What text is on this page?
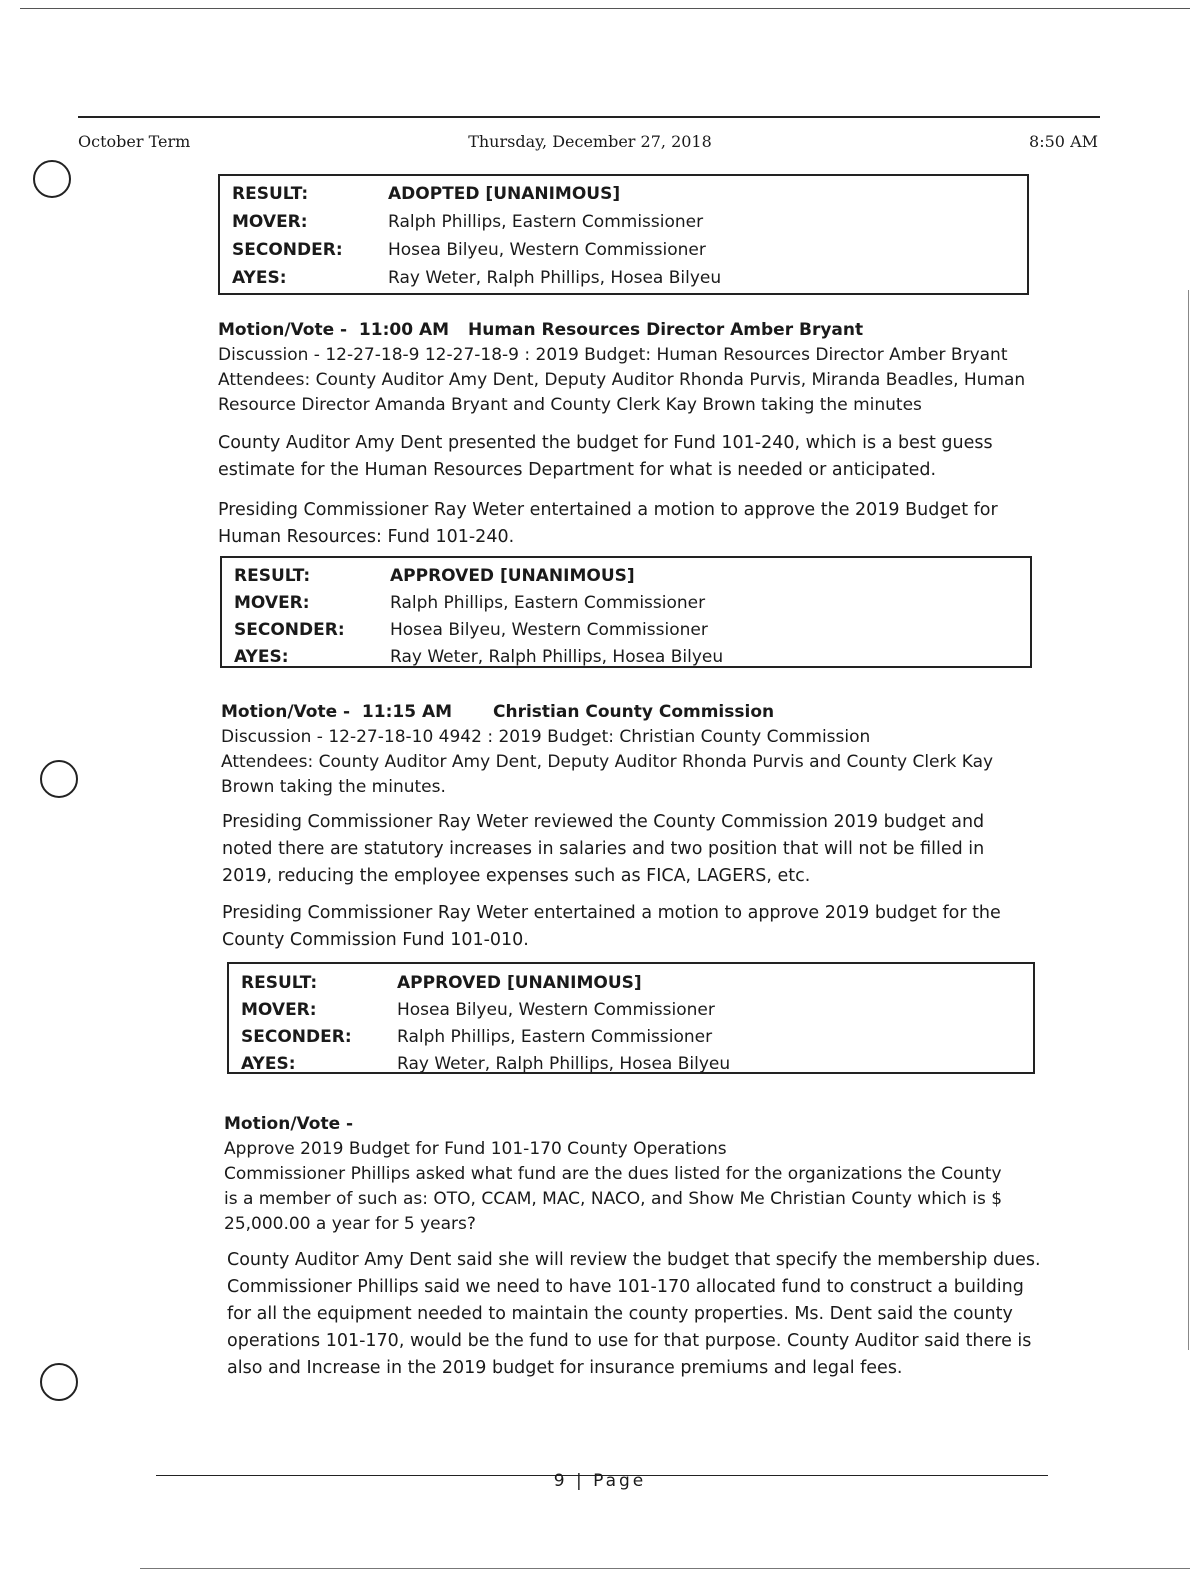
October Term	Thursday, December 27, 2018	8:50 AM
RESULT:	ADOPTED [UNANIMOUS]
MOVER:	Ralph Phillips, Eastern Commissioner
SECONDER:	Hosea Bilyeu, Western Commissioner
AYES:	Ray Weter, Ralph Phillips, Hosea Bilyeu
Motion/Vote - 11:00 AM Human Resources Director Amber Bryant
Discussion - 12-27-18-9 12-27-18-9 : 2019 Budget: Human Resources Director Amber Bryant
Attendees: County Auditor Amy Dent, Deputy Auditor Rhonda Purvis, Miranda Beadles, Human
Resource Director Amanda Bryant and County Clerk Kay Brown taking the minutes
County Auditor Amy Dent presented the budget for Fund 101-240, which is a best guess
estimate for the Human Resources Department for what is needed or anticipated.
Presiding Commissioner Ray Weter entertained a motion to approve the 2019 Budget for
Human Resources: Fund 101-240.
RESULT:	APPROVED [UNANIMOUS]
MOVER:	Ralph Phillips, Eastern Commissioner
SECONDER:	Hosea Bilyeu, Western Commissioner
AYES:	Ray Weter, Ralph Phillips, Hosea Bilyeu
Motion/Vote - 11:15 AM Christian County Commission
Discussion - 12-27-18-10 4942 : 2019 Budget: Christian County Commission
Attendees: County Auditor Amy Dent, Deputy Auditor Rhonda Purvis and County Clerk Kay
Brown taking the minutes.
Presiding Commissioner Ray Weter reviewed the County Commission 2019 budget and
noted there are statutory increases in salaries and two position that will not be filled in
2019, reducing the employee expenses such as FICA, LAGERS, etc.
Presiding Commissioner Ray Weter entertained a motion to approve 2019 budget for the
County Commission Fund 101-010.
RESULT:	APPROVED [UNANIMOUS]
MOVER:	Hosea Bilyeu, Western Commissioner
SECONDER:	Ralph Phillips, Eastern Commissioner
AYES:	Ray Weter, Ralph Phillips, Hosea Bilyeu
Motion/Vote -
Approve 2019 Budget for Fund 101-170 County Operations
Commissioner Phillips asked what fund are the dues listed for the organizations the County
is a member of such as: OTO, CCAM, MAC, NACO, and Show Me Christian County which is $
25,000.00 a year for 5 years?
County Auditor Amy Dent said she will review the budget that specify the membership dues.
Commissioner Phillips said we need to have 101-170 allocated fund to construct a building
for all the equipment needed to maintain the county properties. Ms. Dent said the county
operations 101-170, would be the fund to use for that purpose. County Auditor said there is
also and Increase in the 2019 budget for insurance premiums and legal fees.
9 | Page
